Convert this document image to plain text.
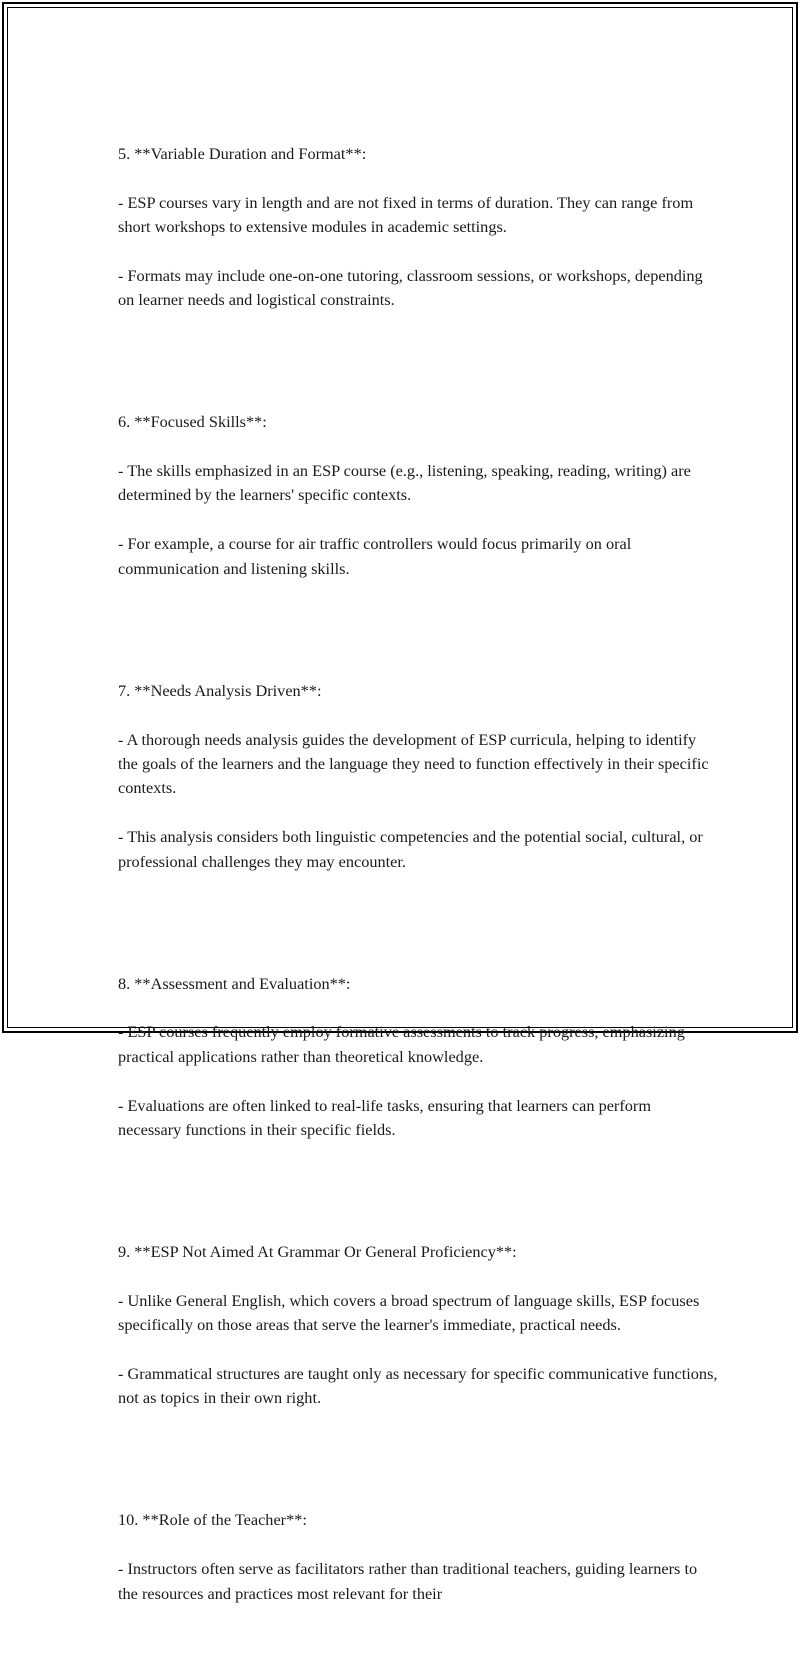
5. **Variable Duration and Format**:

- ESP courses vary in length and are not fixed in terms of duration. They can range from short workshops to extensive modules in academic settings.

- Formats may include one-on-one tutoring, classroom sessions, or workshops, depending on learner needs and logistical constraints.

6. **Focused Skills**:

- The skills emphasized in an ESP course (e.g., listening, speaking, reading, writing) are determined by the learners' specific contexts.

- For example, a course for air traffic controllers would focus primarily on oral communication and listening skills.

7. **Needs Analysis Driven**:

- A thorough needs analysis guides the development of ESP curricula, helping to identify the goals of the learners and the language they need to function effectively in their specific contexts.

- This analysis considers both linguistic competencies and the potential social, cultural, or professional challenges they may encounter.

8. **Assessment and Evaluation**:

- ESP courses frequently employ formative assessments to track progress, emphasizing practical applications rather than theoretical knowledge.

- Evaluations are often linked to real-life tasks, ensuring that learners can perform necessary functions in their specific fields.

9. **ESP Not Aimed At Grammar Or General Proficiency**:

- Unlike General English, which covers a broad spectrum of language skills, ESP focuses specifically on those areas that serve the learner's immediate, practical needs.

- Grammatical structures are taught only as necessary for specific communicative functions, not as topics in their own right.

10. **Role of the Teacher**:

- Instructors often serve as facilitators rather than traditional teachers, guiding learners to the resources and practices most relevant for their
